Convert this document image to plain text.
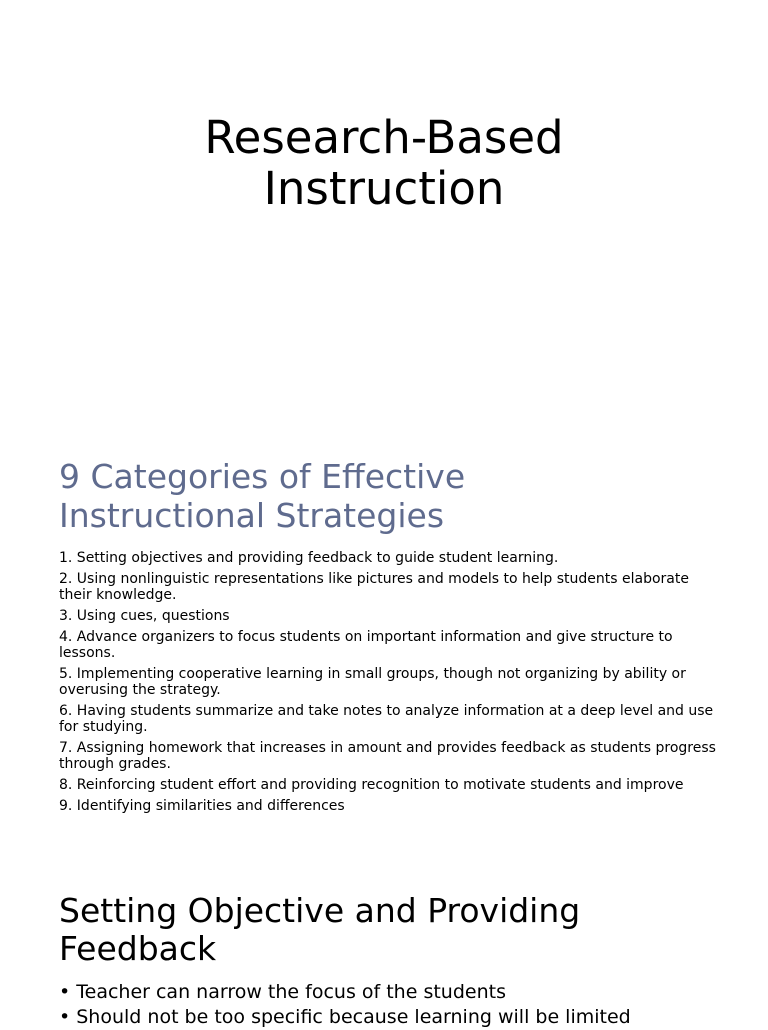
Research-Based
Instruction
9 Categories of Effective
Instructional Strategies
1. Setting objectives and providing feedback to guide student learning.
2. Using nonlinguistic representations like pictures and models to help students elaborate their knowledge.
3. Using cues, questions
4. Advance organizers to focus students on important information and give structure to lessons.
5. Implementing cooperative learning in small groups, though not organizing by ability or overusing the strategy.
6. Having students summarize and take notes to analyze information at a deep level and use for studying.
7. Assigning homework that increases in amount and provides feedback as students progress through grades.
8. Reinforcing student effort and providing recognition to motivate students and improve
9. Identifying similarities and differences
Setting Objective and Providing
Feedback
• Teacher can narrow the focus of the students
• Should not be too specific because learning will be limited
